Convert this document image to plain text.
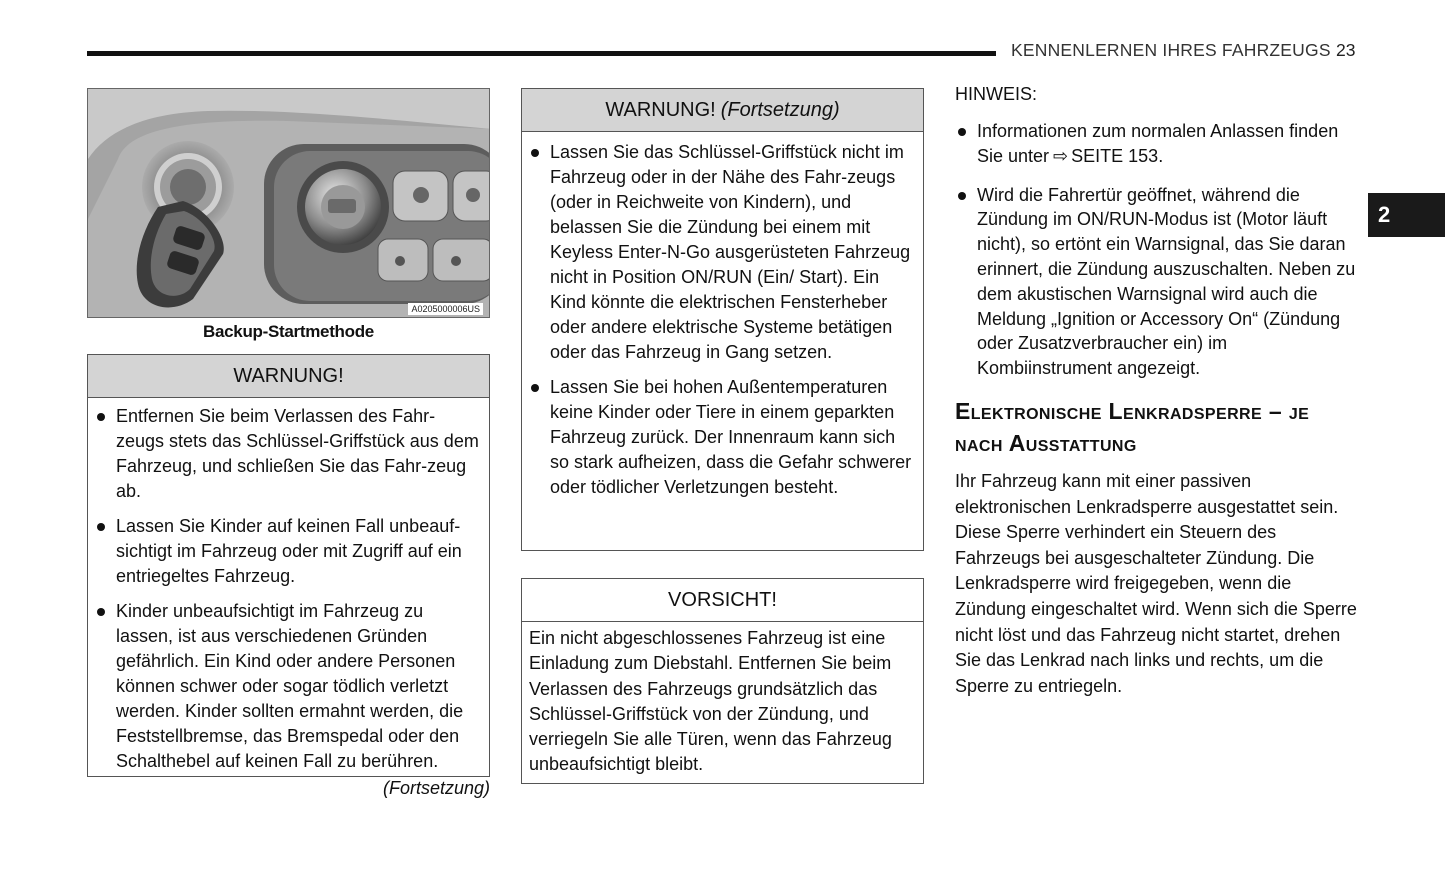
KENNENLERNEN IHRES FAHRZEUGS 23
2
A0205000006US
Backup-Startmethode
WARNUNG!
Entfernen Sie beim Verlassen des Fahr-zeugs stets das Schlüssel-Griffstück aus dem Fahrzeug, und schließen Sie das Fahr-zeug ab.
Lassen Sie Kinder auf keinen Fall unbeauf-sichtigt im Fahrzeug oder mit Zugriff auf ein entriegeltes Fahrzeug.
Kinder unbeaufsichtigt im Fahrzeug zu lassen, ist aus verschiedenen Gründen gefährlich. Ein Kind oder andere Personen können schwer oder sogar tödlich verletzt werden. Kinder sollten ermahnt werden, die Feststellbremse, das Bremspedal oder den Schalthebel auf keinen Fall zu berühren.
(Fortsetzung)
WARNUNG! (Fortsetzung)
Lassen Sie das Schlüssel-Griffstück nicht im Fahrzeug oder in der Nähe des Fahr-zeugs (oder in Reichweite von Kindern), und belassen Sie die Zündung bei einem mit Keyless Enter-N-Go ausgerüsteten Fahrzeug nicht in Position ON/RUN (Ein/ Start). Ein Kind könnte die elektrischen Fensterheber oder andere elektrische Systeme betätigen oder das Fahrzeug in Gang setzen.
Lassen Sie bei hohen Außentemperaturen keine Kinder oder Tiere in einem geparkten Fahrzeug zurück. Der Innenraum kann sich so stark aufheizen, dass die Gefahr schwerer oder tödlicher Verletzungen besteht.
VORSICHT!

Ein nicht abgeschlossenes Fahrzeug ist eine Einladung zum Diebstahl. Entfernen Sie beim Verlassen des Fahrzeugs grundsätzlich das Schlüssel-Griffstück von der Zündung, und verriegeln Sie alle Türen, wenn das Fahrzeug unbeaufsichtigt bleibt.

HINWEIS:
Informationen zum normalen Anlassen finden Sie unter ⇨ SEITE 153.
Wird die Fahrertür geöffnet, während die Zündung im ON/RUN-Modus ist (Motor läuft nicht), so ertönt ein Warnsignal, das Sie daran erinnert, die Zündung auszuschalten. Neben zu dem akustischen Warnsignal wird auch die Meldung „Ignition or Accessory On“ (Zündung oder Zusatzverbraucher ein) im Kombiinstrument angezeigt.
Elektronische Lenkradsperre – je nach Ausstattung

Ihr Fahrzeug kann mit einer passiven elektronischen Lenkradsperre ausgestattet sein. Diese Sperre verhindert ein Steuern des Fahrzeugs bei ausgeschalteter Zündung. Die Lenkradsperre wird freigegeben, wenn die Zündung eingeschaltet wird. Wenn sich die Sperre nicht löst und das Fahrzeug nicht startet, drehen Sie das Lenkrad nach links und rechts, um die Sperre zu entriegeln.
